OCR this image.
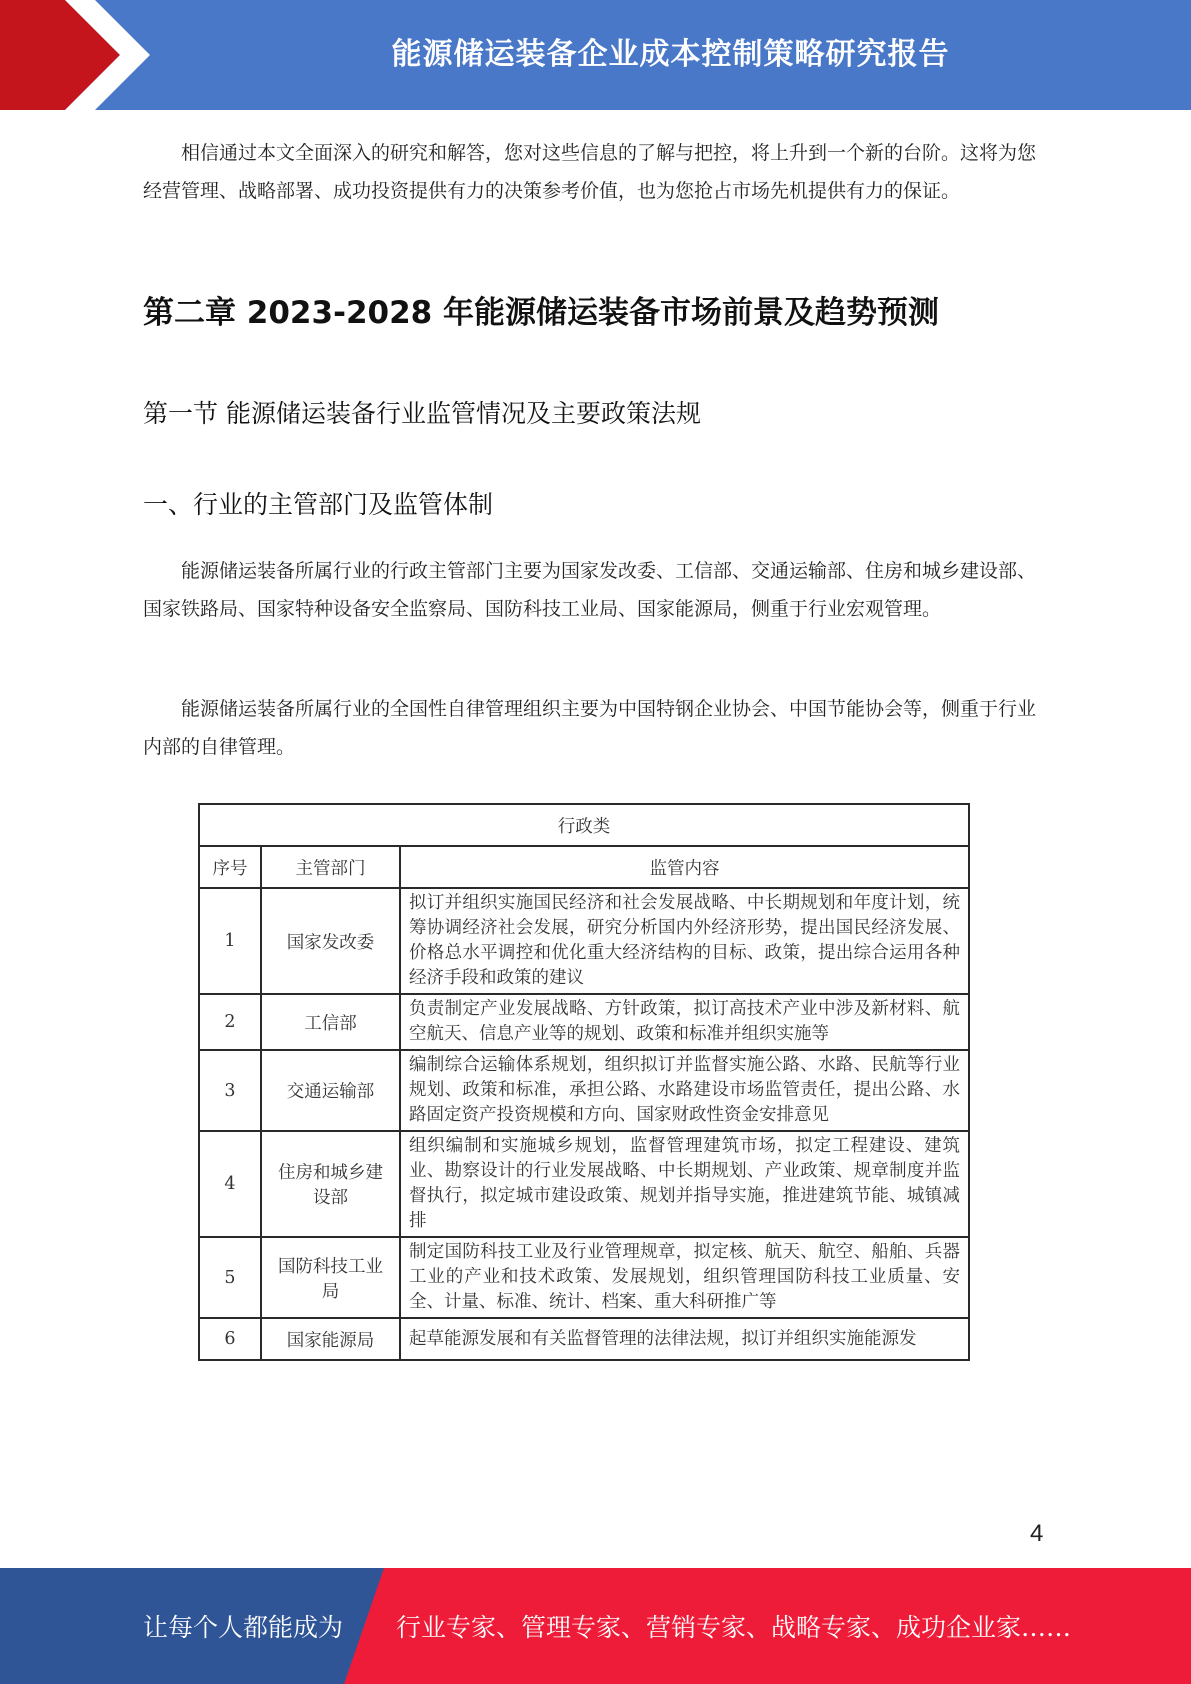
能源储运装备企业成本控制策略研究报告

相信通过本文全面深入的研究和解答，您对这些信息的了解与把控，将上升到一个新的台阶。这将为您经营管理、战略部署、成功投资提供有力的决策参考价值，也为您抢占市场先机提供有力的保证。

第二章 2023-2028 年能源储运装备市场前景及趋势预测
第一节 能源储运装备行业监管情况及主要政策法规
一、行业的主管部门及监管体制

能源储运装备所属行业的行政主管部门主要为国家发改委、工信部、交通运输部、住房和城乡建设部、国家铁路局、国家特种设备安全监察局、国防科技工业局、国家能源局，侧重于行业宏观管理。

能源储运装备所属行业的全国性自律管理组织主要为中国特钢企业协会、中国节能协会等，侧重于行业内部的自律管理。

行政类		
序号	主管部门	监管内容
1	国家发改委	拟订并组织实施国民经济和社会发展战略、中长期规划和年度计划，统筹协调经济社会发展，研究分析国内外经济形势，提出国民经济发展、价格总水平调控和优化重大经济结构的目标、政策，提出综合运用各种经济手段和政策的建议
2	工信部	负责制定产业发展战略、方针政策，拟订高技术产业中涉及新材料、航空航天、信息产业等的规划、政策和标准并组织实施等
3	交通运输部	编制综合运输体系规划，组织拟订并监督实施公路、水路、民航等行业规划、政策和标准，承担公路、水路建设市场监管责任，提出公路、水路固定资产投资规模和方向、国家财政性资金安排意见
4	住房和城乡建设部	组织编制和实施城乡规划，监督管理建筑市场，拟定工程建设、建筑业、勘察设计的行业发展战略、中长期规划、产业政策、规章制度并监督执行，拟定城市建设政策、规划并指导实施，推进建筑节能、城镇减排
5	国防科技工业局	制定国防科技工业及行业管理规章，拟定核、航天、航空、船舶、兵器工业的产业和技术政策、发展规划，组织管理国防科技工业质量、安全、计量、标准、统计、档案、重大科研推广等
6	国家能源局	起草能源发展和有关监督管理的法律法规，拟订并组织实施能源发
4
让每个人都能成为 行业专家、管理专家、营销专家、战略专家、成功企业家……
